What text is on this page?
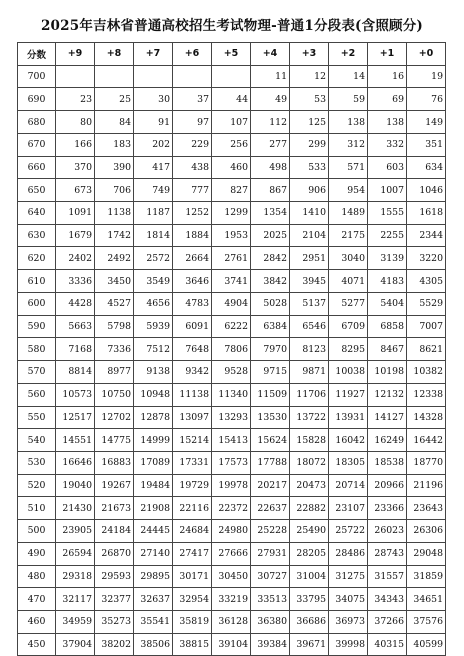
2025年吉林省普通高校招生考试物理-普通1分段表(含照顾分)
分数	+9	+8	+7	+6	+5	+4	+3	+2	+1	+0
700						11	12	14	16	19
690	23	25	30	37	44	49	53	59	69	76
680	80	84	91	97	107	112	125	138	138	149
670	166	183	202	229	256	277	299	312	332	351
660	370	390	417	438	460	498	533	571	603	634
650	673	706	749	777	827	867	906	954	1007	1046
640	1091	1138	1187	1252	1299	1354	1410	1489	1555	1618
630	1679	1742	1814	1884	1953	2025	2104	2175	2255	2344
620	2402	2492	2572	2664	2761	2842	2951	3040	3139	3220
610	3336	3450	3549	3646	3741	3842	3945	4071	4183	4305
600	4428	4527	4656	4783	4904	5028	5137	5277	5404	5529
590	5663	5798	5939	6091	6222	6384	6546	6709	6858	7007
580	7168	7336	7512	7648	7806	7970	8123	8295	8467	8621
570	8814	8977	9138	9342	9528	9715	9871	10038	10198	10382
560	10573	10750	10948	11138	11340	11509	11706	11927	12132	12338
550	12517	12702	12878	13097	13293	13530	13722	13931	14127	14328
540	14551	14775	14999	15214	15413	15624	15828	16042	16249	16442
530	16646	16883	17089	17331	17573	17788	18072	18305	18538	18770
520	19040	19267	19484	19729	19978	20217	20473	20714	20966	21196
510	21430	21673	21908	22116	22372	22637	22882	23107	23366	23643
500	23905	24184	24445	24684	24980	25228	25490	25722	26023	26306
490	26594	26870	27140	27417	27666	27931	28205	28486	28743	29048
480	29318	29593	29895	30171	30450	30727	31004	31275	31557	31859
470	32117	32377	32637	32954	33219	33513	33795	34075	34343	34651
460	34959	35273	35541	35819	36128	36380	36686	36973	37266	37576
450	37904	38202	38506	38815	39104	39384	39671	39998	40315	40599
